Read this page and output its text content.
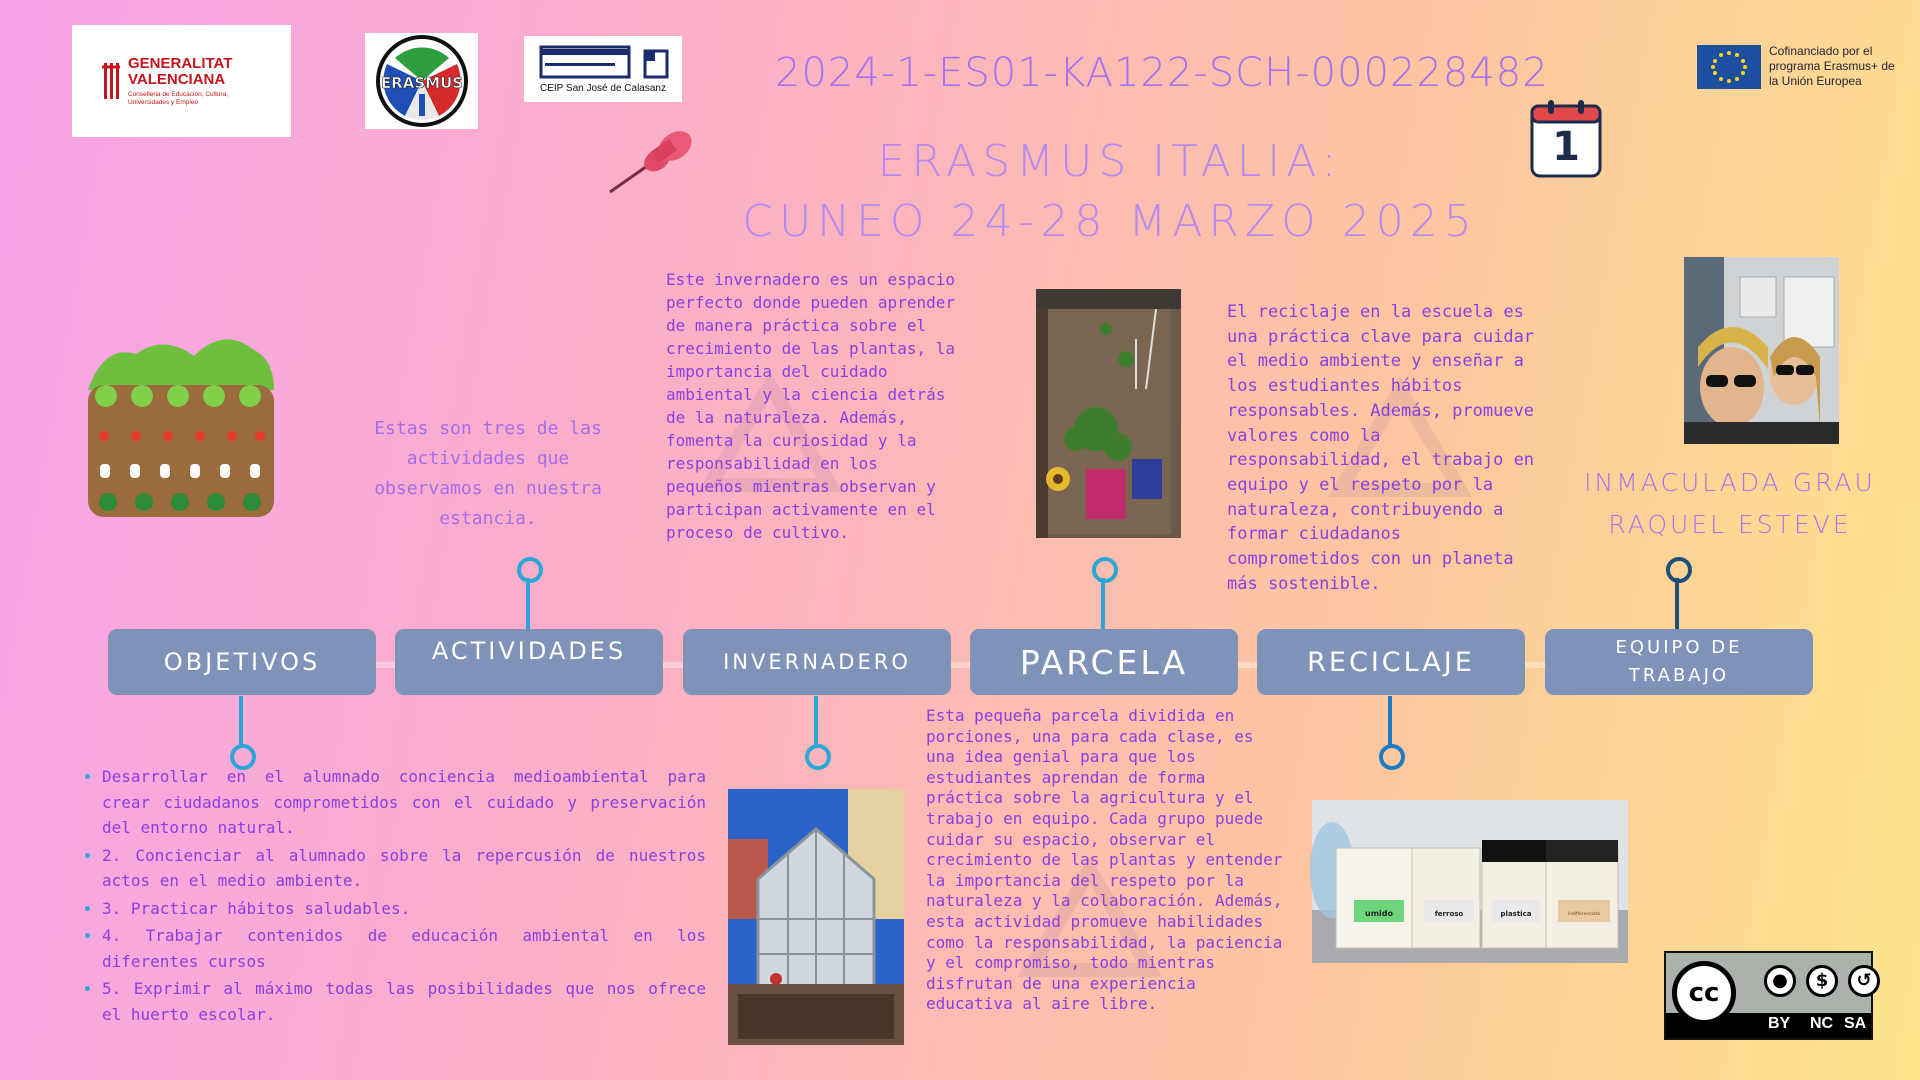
GENERALITAT VALENCIANA
Conselleria de Educación, Cultura, Universidades y Empleo
ERASMUS	CEIP San José de Calasanz	2024-1-ES01-KA122-SCH-000228482	Cofinanciado por el programa Erasmus+ de la Unión Europea
1
ERASMUS ITALIA:
CUNEO 24-28 MARZO 2025
Estas son tres de las actividades que observamos en nuestra estancia.
Este invernadero es un espacio perfecto donde pueden aprender de manera práctica sobre el crecimiento de las plantas, la importancia del cuidado ambiental y la ciencia detrás de la naturaleza. Además, fomenta la curiosidad y la responsabilidad en los pequeños mientras observan y participan activamente en el proceso de cultivo.
El reciclaje en la escuela es una práctica clave para cuidar el medio ambiente y enseñar a los estudiantes hábitos responsables. Además, promueve valores como la responsabilidad, el trabajo en equipo y el respeto por la naturaleza, contribuyendo a formar ciudadanos comprometidos con un planeta más sostenible.
INMACULADA GRAU
RAQUEL ESTEVE
OBJETIVOS	ACTIVIDADES	INVERNADERO	PARCELA	RECICLAJE	EQUIPO DE TRABAJO
• Desarrollar en el alumnado conciencia medioambiental para crear ciudadanos comprometidos con el cuidado y preservación del entorno natural.
• 2. Concienciar al alumnado sobre la repercusión de nuestros actos en el medio ambiente.
• 3. Practicar hábitos saludables.
• 4. Trabajar contenidos de educación ambiental en los diferentes cursos
• 5. Exprimir al máximo todas las posibilidades que nos ofrece el huerto escolar.
Esta pequeña parcela dividida en porciones, una para cada clase, es una idea genial para que los estudiantes aprendan de forma práctica sobre la agricultura y el trabajo en equipo. Cada grupo puede cuidar su espacio, observar el crecimiento de las plantas y entender la importancia del respeto por la naturaleza y la colaboración. Además, esta actividad promueve habilidades como la responsabilidad, la paciencia y el compromiso, todo mientras disfrutan de una experiencia educativa al aire libre.
umido	ferroso	plastica	indifferenziato
cc	●	$	↺
BY NC SA
